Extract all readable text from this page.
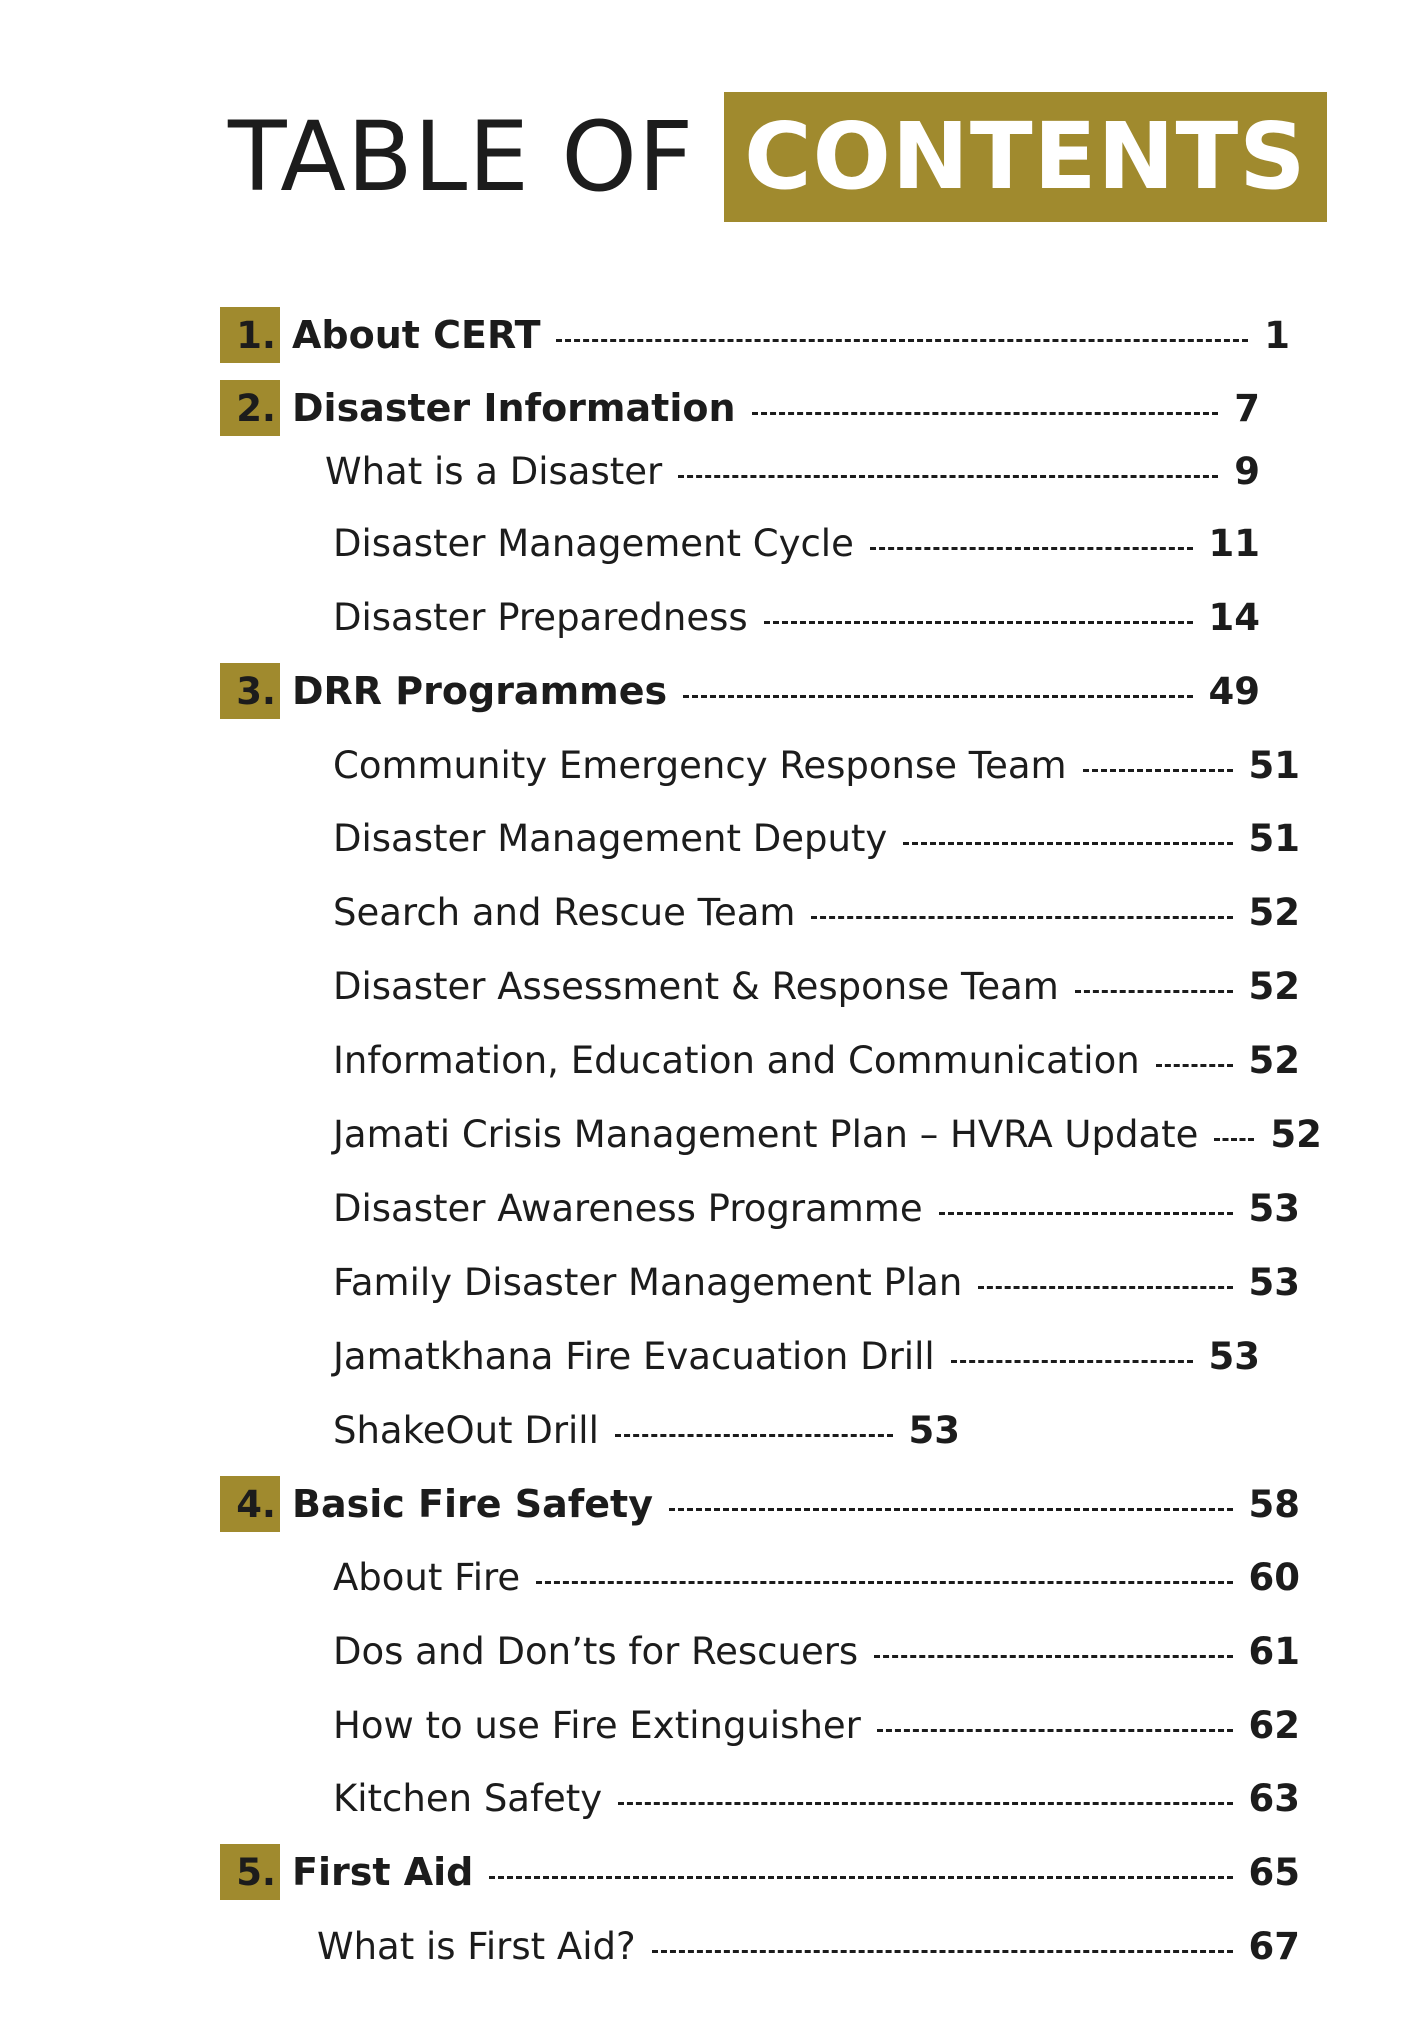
TABLE OF CONTENTS
1. About CERT	1
2. Disaster Information	7
What is a Disaster	9
Disaster Management Cycle	11
Disaster Preparedness	14
3. DRR Programmes	49
Community Emergency Response Team	51
Disaster Management Deputy	51
Search and Rescue Team	52
Disaster Assessment & Response Team	52
Information, Education and Communication	52
Jamati Crisis Management Plan – HVRA Update 52
Disaster Awareness Programme	53
Family Disaster Management Plan	53
Jamatkhana Fire Evacuation Drill	53
ShakeOut Drill	53
4. Basic Fire Safety	58
About Fire	60
Dos and Don’ts for Rescuers	61
How to use Fire Extinguisher	62
Kitchen Safety	63
5. First Aid	65
What is First Aid?	67
